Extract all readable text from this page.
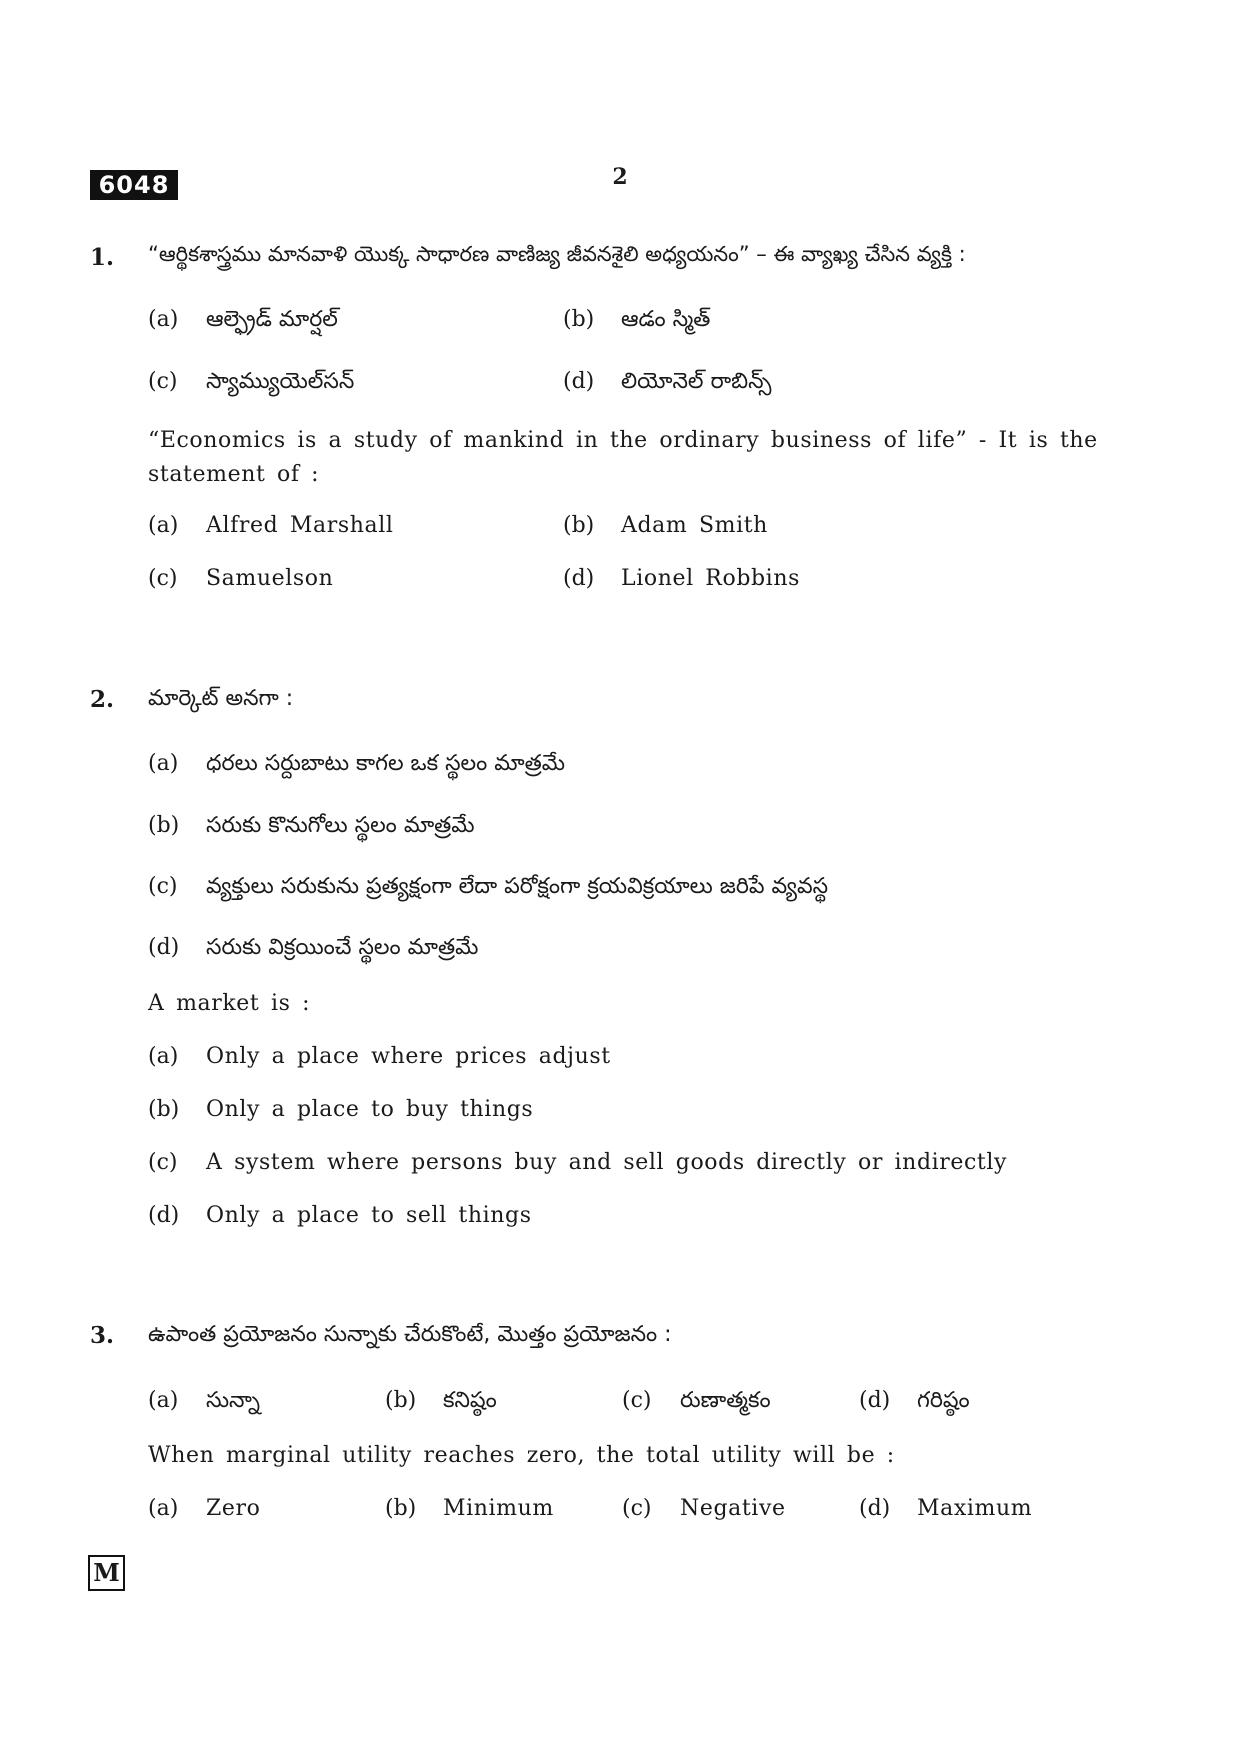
6048	2
1. “ఆర్థికశాస్త్రము మానవాళి యొక్క సాధారణ వాణిజ్య జీవనశైలి అధ్యయనం” – ఈ వ్యాఖ్య చేసిన వ్యక్తి :
(a) ఆల్ఫ్రెడ్ మార్షల్	(b) ఆడం స్మిత్
(c) స్యామ్యుయెల్‌సన్	(d) లియోనెల్ రాబిన్స్
“Economics is a study of mankind in the ordinary business of life” - It is the statement of :
(a) Alfred Marshall	(b) Adam Smith
(c) Samuelson	(d) Lionel Robbins
2. మార్కెట్ అనగా :
(a) ధరలు సర్దుబాటు కాగల ఒక స్థలం మాత్రమే
(b) సరుకు కొనుగోలు స్థలం మాత్రమే
(c) వ్యక్తులు సరుకును ప్రత్యక్షంగా లేదా పరోక్షంగా క్రయవిక్రయాలు జరిపే వ్యవస్థ
(d) సరుకు విక్రయించే స్థలం మాత్రమే
A market is :
(a) Only a place where prices adjust
(b) Only a place to buy things
(c) A system where persons buy and sell goods directly or indirectly
(d) Only a place to sell things
3. ఉపాంత ప్రయోజనం సున్నాకు చేరుకొంటే, మొత్తం ప్రయోజనం :
(a) సున్నా	(b) కనిష్ఠం	(c) రుణాత్మకం	(d) గరిష్ఠం
When marginal utility reaches zero, the total utility will be :
(a) Zero	(b) Minimum	(c) Negative	(d) Maximum
M
